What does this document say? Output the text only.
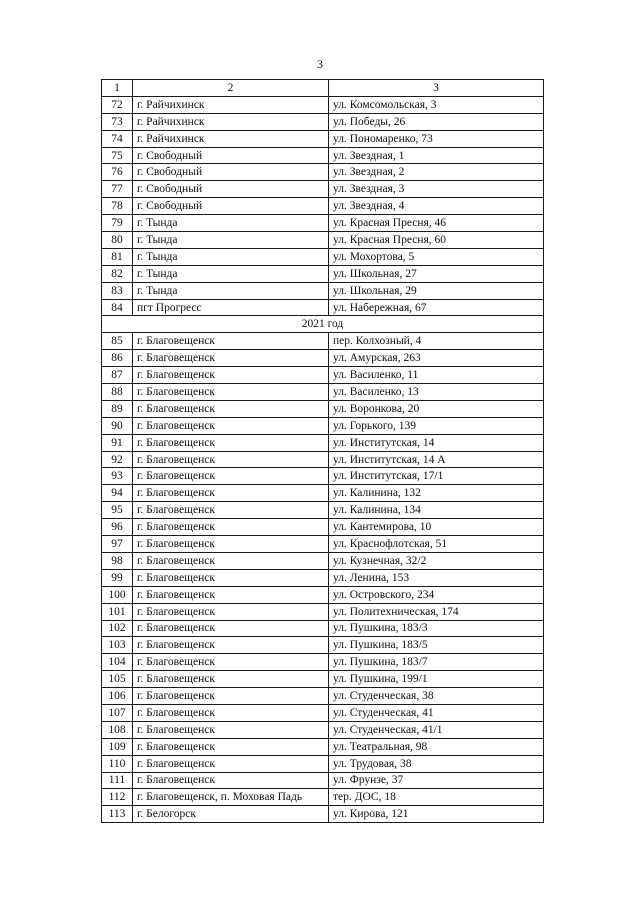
3
1	2	3
72	г. Райчихинск	ул. Комсомольская, 3
73	г. Райчихинск	ул. Победы, 26
74	г. Райчихинск	ул. Пономаренко, 73
75	г. Свободный	ул. Звездная, 1
76	г. Свободный	ул. Звездная, 2
77	г. Свободный	ул. Звездная, 3
78	г. Свободный	ул. Звездная, 4
79	г. Тында	ул. Красная Пресня, 46
80	г. Тында	ул. Красная Пресня, 60
81	г. Тында	ул. Мохортова, 5
82	г. Тында	ул. Школьная, 27
83	г. Тында	ул. Школьная, 29
84	пгт Прогресс	ул. Набережная, 67
2021 год		
85	г. Благовещенск	пер. Колхозный, 4
86	г. Благовещенск	ул. Амурская, 263
87	г. Благовещенск	ул. Василенко, 11
88	г. Благовещенск	ул. Василенко, 13
89	г. Благовещенск	ул. Воронкова, 20
90	г. Благовещенск	ул. Горького, 139
91	г. Благовещенск	ул. Институтская, 14
92	г. Благовещенск	ул. Институтская, 14 А
93	г. Благовещенск	ул. Институтская, 17/1
94	г. Благовещенск	ул. Калинина, 132
95	г. Благовещенск	ул. Калинина, 134
96	г. Благовещенск	ул. Кантемирова, 10
97	г. Благовещенск	ул. Краснофлотская, 51
98	г. Благовещенск	ул. Кузнечная, 32/2
99	г. Благовещенск	ул. Ленина, 153
100	г. Благовещенск	ул. Островского, 234
101	г. Благовещенск	ул. Политехническая, 174
102	г. Благовещенск	ул. Пушкина, 183/3
103	г. Благовещенск	ул. Пушкина, 183/5
104	г. Благовещенск	ул. Пушкина, 183/7
105	г. Благовещенск	ул. Пушкина, 199/1
106	г. Благовещенск	ул. Студенческая, 38
107	г. Благовещенск	ул. Студенческая, 41
108	г. Благовещенск	ул. Студенческая, 41/1
109	г. Благовещенск	ул. Театральная, 98
110	г. Благовещенск	ул. Трудовая, 38
111	г. Благовещенск	ул. Фрунзе, 37
112	г. Благовещенск, п. Моховая Падь	тер. ДОС, 18
113	г. Белогорск	ул. Кирова, 121
